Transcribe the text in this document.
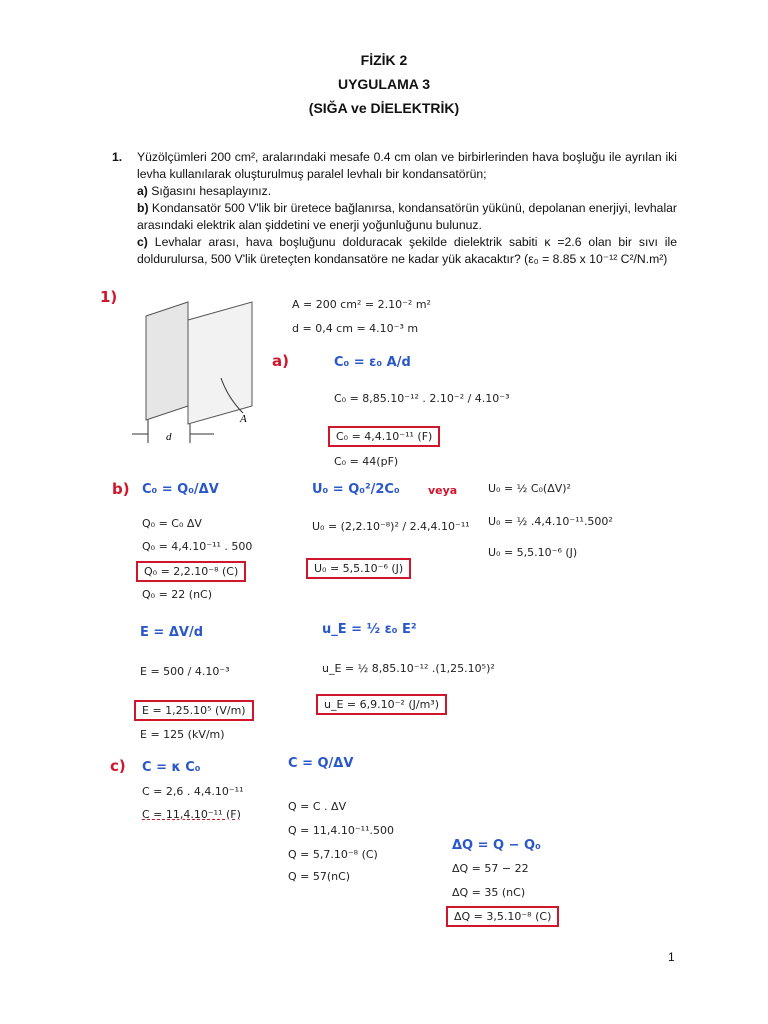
FİZİK 2
UYGULAMA 3
(SIĞA ve DİELEKTRİK)
1. Yüzölçümleri 200 cm², aralarındaki mesafe 0.4 cm olan ve birbirlerinden hava boşluğu ile ayrılan iki levha kullanılarak oluşturulmuş paralel levhalı bir kondansatörün;
a) Sığasını hesaplayınız.
b) Kondansatör 500 V'lik bir üretece bağlanırsa, kondansatörün yükünü, depolanan enerjiyi, levhalar arasındaki elektrik alan şiddetini ve enerji yoğunluğunu bulunuz.
c) Levhalar arası, hava boşluğunu dolduracak şekilde dielektrik sabiti κ =2.6 olan bir sıvı ile doldurulursa, 500 V'lik üreteçten kondansatöre ne kadar yük akacaktır? (ε₀ = 8.85 x 10⁻¹² C²/N.m²)
1)
a)
b)
c)
veya
d
A
A = 200 cm² = 2.10⁻² m²
d = 0,4 cm = 4.10⁻³ m
C₀ = ε₀ A/d
C₀ = 8,85.10⁻¹² . 2.10⁻² / 4.10⁻³
C₀ = 4,4.10⁻¹¹ (F)
C₀ = 44(pF)
C₀ = Q₀/ΔV
Q₀ = C₀ ΔV
Q₀ = 4,4.10⁻¹¹ . 500
Q₀ = 2,2.10⁻⁸ (C)
Q₀ = 22 (nC)
U₀ = Q₀²/2C₀
U₀ = (2,2.10⁻⁸)² / 2.4,4.10⁻¹¹
U₀ = 5,5.10⁻⁶ (J)
U₀ = ½ C₀(ΔV)²
U₀ = ½ .4,4.10⁻¹¹.500²
U₀ = 5,5.10⁻⁶ (J)
E = ΔV/d
E = 500 / 4.10⁻³
E = 1,25.10⁵ (V/m)
E = 125 (kV/m)
u_E = ½ ε₀ E²
u_E = ½ 8,85.10⁻¹² .(1,25.10⁵)²
u_E = 6,9.10⁻² (J/m³)
C = κ C₀
C = 2,6 . 4,4.10⁻¹¹
C = 11,4.10⁻¹¹ (F)
C = Q/ΔV
Q = C . ΔV
Q = 11,4.10⁻¹¹.500
Q = 5,7.10⁻⁸ (C)
Q = 57(nC)
ΔQ = Q − Q₀
ΔQ = 57 − 22
ΔQ = 35 (nC)
ΔQ = 3,5.10⁻⁸ (C)
1
